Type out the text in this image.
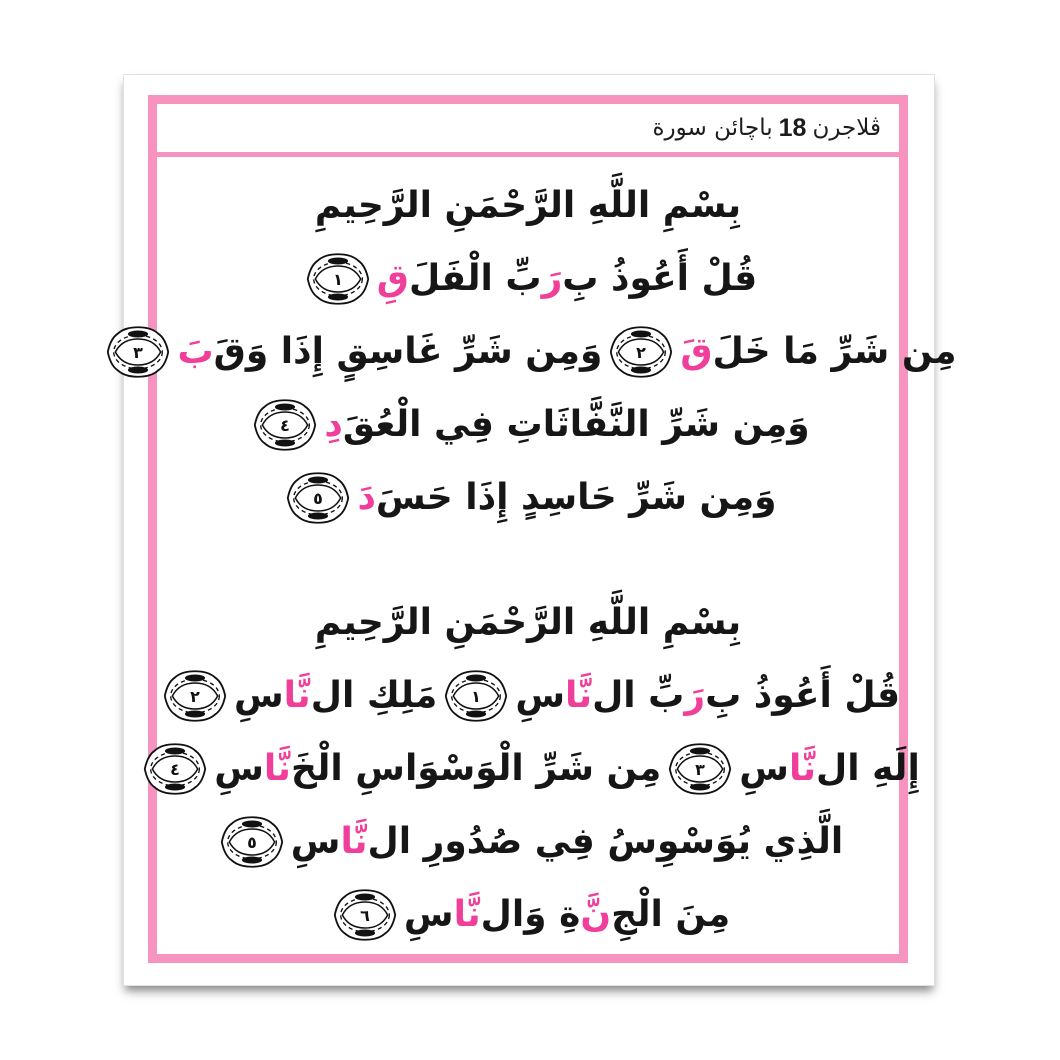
ڤلاجرن
18
باچائن سورة
بِسْمِ اللَّهِ الرَّحْمَنِ الرَّحِيمِ
قُلْ أَعُوذُ بِ
رَ
بِّ الْفَلَ
قِ
١
مِن شَرِّ مَا خَلَ
قَ
٢
وَمِن شَرِّ غَاسِقٍ إِذَا وَقَ
بَ
٣
وَمِن شَرِّ النَّفَّاثَاتِ فِي الْعُقَ
دِ
٤
وَمِن شَرِّ حَاسِدٍ إِذَا حَسَ
دَ
٥
بِسْمِ اللَّهِ الرَّحْمَنِ الرَّحِيمِ
قُلْ أَعُوذُ بِ
رَ
بِّ ال
نَّا
سِ
١
مَلِكِ ال
نَّا
سِ
٢
إِلَهِ ال
نَّا
سِ
٣
مِن شَرِّ الْوَسْوَاسِ الْخَ
نَّا
سِ
٤
الَّذِي يُوَسْوِسُ فِي صُدُورِ ال
نَّا
سِ
٥
مِنَ الْجِ
نَّ
ةِ وَال
نَّا
سِ
٦
